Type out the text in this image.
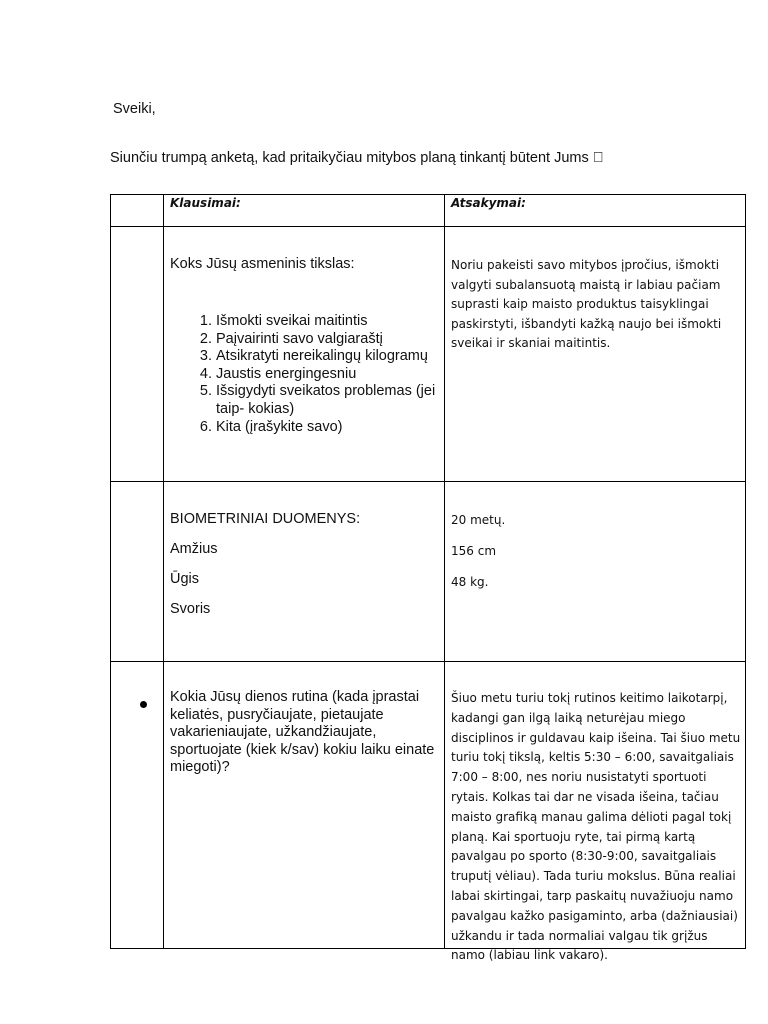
Sveiki,
Siunčiu trumpą anketą, kad pritaikyčiau mitybos planą tinkantį būtent Jums
Klausimai:	Atsakymai:
Koks Jūsų asmeninis tikslas:
1. Išmokti sveikai maitintis
2. Paįvairinti savo valgiaraštį
3. Atsikratyti nereikalingų kilogramų
4. Jaustis energingesniu
5. Išsigydyti sveikatos problemas (jei taip- kokias)
6. Kita (įrašykite savo)
Noriu pakeisti savo mitybos įpročius, išmokti valgyti subalansuotą maistą ir labiau pačiam suprasti kaip maisto produktus taisyklingai paskirstyti, išbandyti kažką naujo bei išmokti sveikai ir skaniai maitintis.
BIOMETRINIAI DUOMENYS:
Amžius
Ūgis
Svoris
20 metų.
156 cm
48 kg.
Kokia Jūsų dienos rutina (kada įprastai keliatės, pusryčiaujate, pietaujate vakarieniaujate, užkandžiaujate, sportuojate (kiek k/sav) kokiu laiku einate miegoti)?
Šiuo metu turiu tokį rutinos keitimo laikotarpį, kadangi gan ilgą laiką neturėjau miego disciplinos ir guldavau kaip išeina. Tai šiuo metu turiu tokį tikslą, keltis 5:30 – 6:00, savaitgaliais 7:00 – 8:00, nes noriu nusistatyti sportuoti rytais. Kolkas tai dar ne visada išeina, tačiau maisto grafiką manau galima dėlioti pagal tokį planą. Kai sportuoju ryte, tai pirmą kartą pavalgau po sporto (8:30-9:00, savaitgaliais truputį vėliau). Tada turiu mokslus. Būna realiai labai skirtingai, tarp paskaitų nuvažiuoju namo pavalgau kažko pasigaminto, arba (dažniausiai) užkandu ir tada normaliai valgau tik grįžus namo (labiau link vakaro).
